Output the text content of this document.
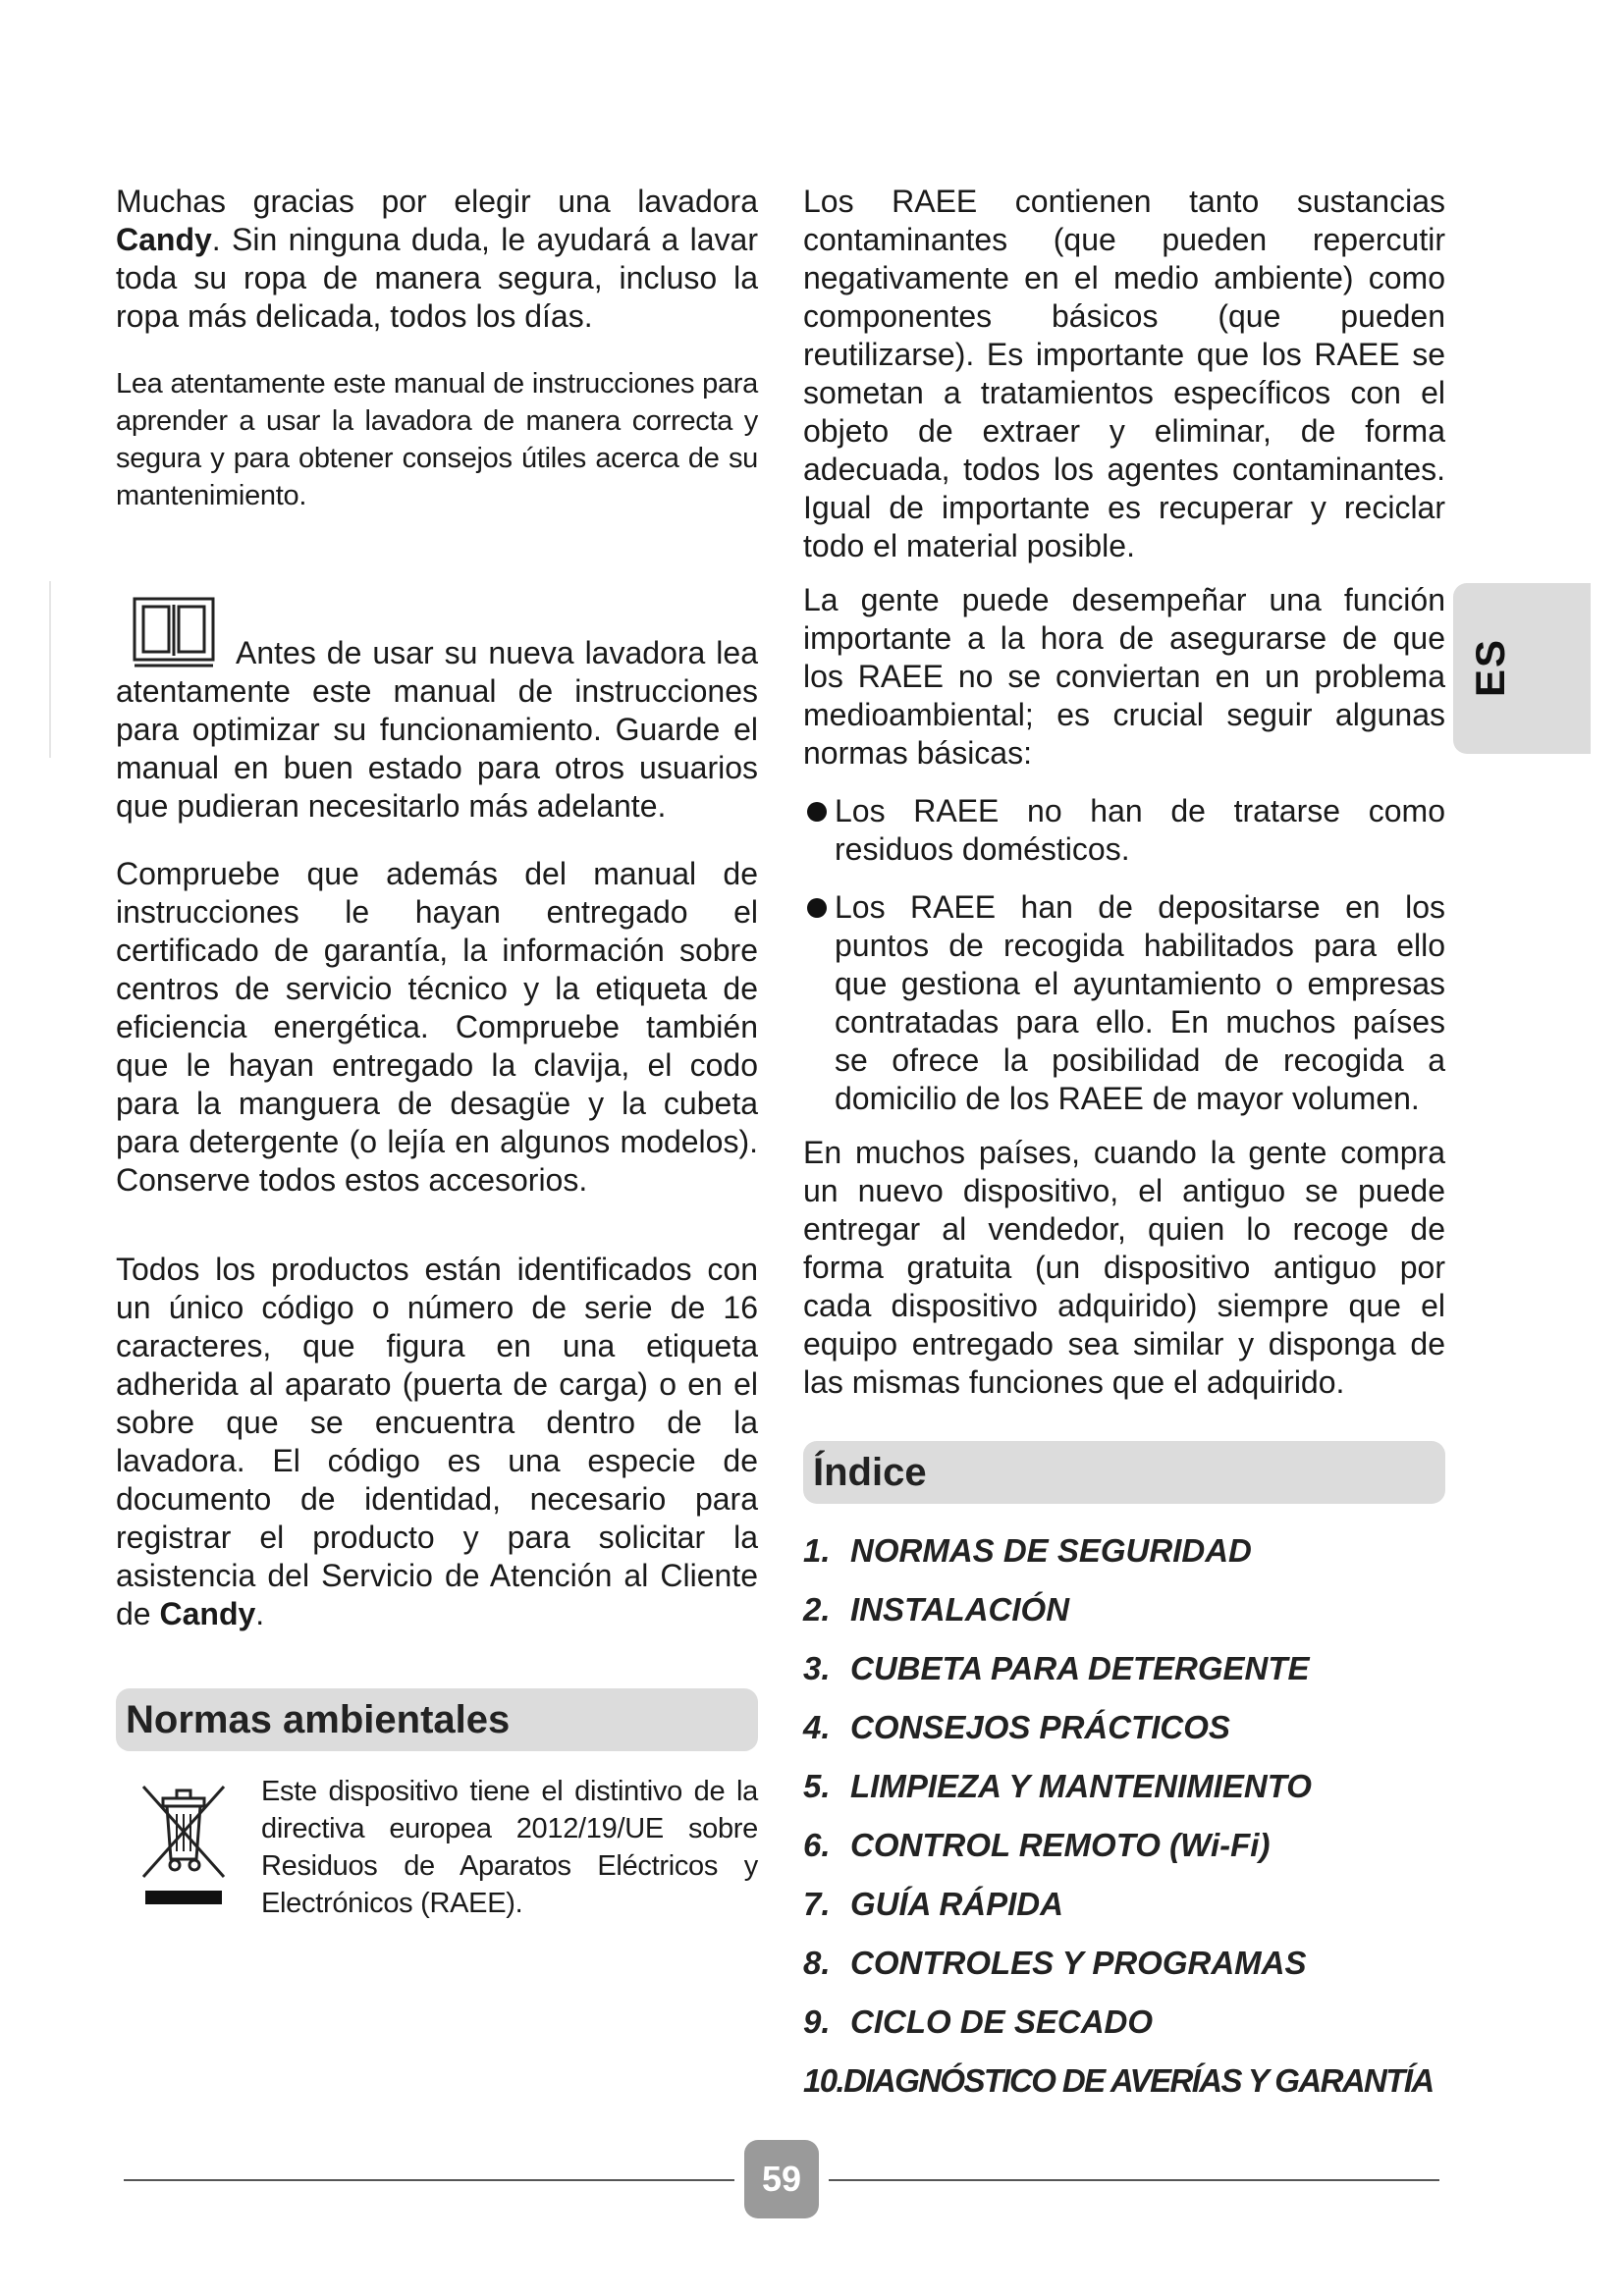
Muchas gracias por elegir una lavadora Candy. Sin ninguna duda, le ayudará a lavar toda su ropa de manera segura, incluso la ropa más delicada, todos los días.

Lea atentamente este manual de instrucciones para aprender a usar la lavadora de manera correcta y segura y para obtener consejos útiles acerca de su mantenimiento.

Antes de usar su nueva lavadora lea atentamente este manual de instrucciones para optimizar su funcionamiento. Guarde el manual en buen estado para otros usuarios que pudieran necesitarlo más adelante.

Compruebe que además del manual de instrucciones le hayan entregado el certificado de garantía, la información sobre centros de servicio técnico y la etiqueta de eficiencia energética. Compruebe también que le hayan entregado la clavija, el codo para la manguera de desagüe y la cubeta para detergente (o lejía en algunos modelos). Conserve todos estos accesorios.

Todos los productos están identificados con un único código o número de serie de 16 caracteres, que figura en una etiqueta adherida al aparato (puerta de carga) o en el sobre que se encuentra dentro de la lavadora. El código es una especie de documento de identidad, necesario para registrar el producto y para solicitar la asistencia del Servicio de Atención al Cliente de Candy.

Normas ambientales

Este dispositivo tiene el distintivo de la directiva europea 2012/19/UE sobre Residuos de Aparatos Eléctricos y Electrónicos (RAEE).

Los RAEE contienen tanto sustancias contaminantes (que pueden repercutir negativamente en el medio ambiente) como componentes básicos (que pueden reutilizarse). Es importante que los RAEE se sometan a tratamientos específicos con el objeto de extraer y eliminar, de forma adecuada, todos los agentes contaminantes. Igual de importante es recuperar y reciclar todo el material posible.

La gente puede desempeñar una función importante a la hora de asegurarse de que los RAEE no se conviertan en un problema medioambiental; es crucial seguir algunas normas básicas:

Los RAEE no han de tratarse como residuos domésticos.

Los RAEE han de depositarse en los puntos de recogida habilitados para ello que gestiona el ayuntamiento o empresas contratadas para ello. En muchos países se ofrece la posibilidad de recogida a domicilio de los RAEE de mayor volumen.

En muchos países, cuando la gente compra un nuevo dispositivo, el antiguo se puede entregar al vendedor, quien lo recoge de forma gratuita (un dispositivo antiguo por cada dispositivo adquirido) siempre que el equipo entregado sea similar y disponga de las mismas funciones que el adquirido.

Índice
1. NORMAS DE SEGURIDAD
2. INSTALACIÓN
3. CUBETA PARA DETERGENTE
4. CONSEJOS PRÁCTICOS
5. LIMPIEZA Y MANTENIMIENTO
6. CONTROL REMOTO (Wi-Fi)
7. GUÍA RÁPIDA
8. CONTROLES Y PROGRAMAS
9. CICLO DE SECADO
10.DIAGNÓSTICO DE AVERÍAS Y GARANTÍA
ES
59
